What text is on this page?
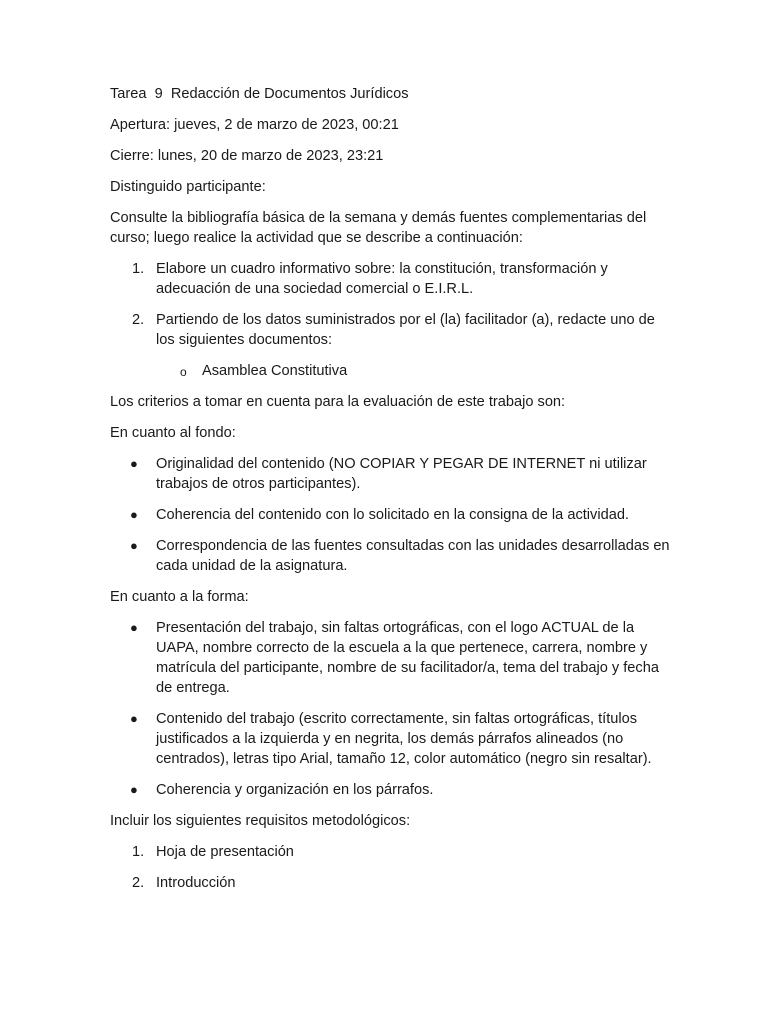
Tarea  9  Redacción de Documentos Jurídicos

Apertura: jueves, 2 de marzo de 2023, 00:21

Cierre: lunes, 20 de marzo de 2023, 23:21

Distinguido participante:

Consulte la bibliografía básica de la semana y demás fuentes complementarias del curso; luego realice la actividad que se describe a continuación:

1. Elabore un cuadro informativo sobre: la constitución, transformación y adecuación de una sociedad comercial o E.I.R.L.
2. Partiendo de los datos suministrados por el (la) facilitador (a), redacte uno de los siguientes documentos:
o Asamblea Constitutiva

Los criterios a tomar en cuenta para la evaluación de este trabajo son:

En cuanto al fondo:

● Originalidad del contenido (NO COPIAR Y PEGAR DE INTERNET ni utilizar trabajos de otros participantes).
● Coherencia del contenido con lo solicitado en la consigna de la actividad.
● Correspondencia de las fuentes consultadas con las unidades desarrolladas en cada unidad de la asignatura.

En cuanto a la forma:

● Presentación del trabajo, sin faltas ortográficas, con el logo ACTUAL de la UAPA, nombre correcto de la escuela a la que pertenece, carrera, nombre y matrícula del participante, nombre de su facilitador/a, tema del trabajo y fecha de entrega.
● Contenido del trabajo (escrito correctamente, sin faltas ortográficas, títulos justificados a la izquierda y en negrita, los demás párrafos alineados (no centrados), letras tipo Arial, tamaño 12, color automático (negro sin resaltar).
● Coherencia y organización en los párrafos.

Incluir los siguientes requisitos metodológicos:

1. Hoja de presentación
2. Introducción
